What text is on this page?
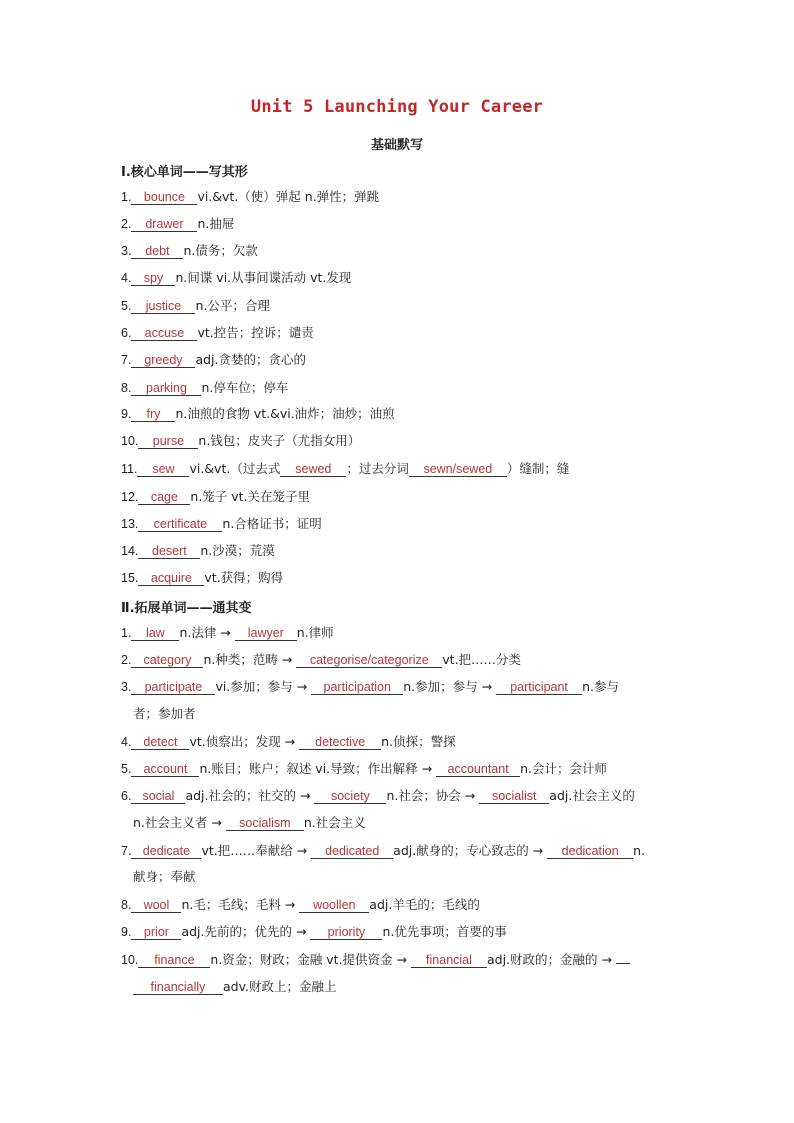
Unit 5 Launching Your Career
基础默写
Ⅰ.核心单词——写其形
1. bounce vi.&vt.（使）弹起 n.弹性；弹跳
2. drawer n.抽屉
3. debt n.债务；欠款
4. spy n.间谍 vi.从事间谍活动 vt.发现
5. justice n.公平；合理
6. accuse vt.控告；控诉；谴责
7. greedy adj.贪婪的；贪心的
8. parking n.停车位；停车
9. fry n.油煎的食物 vt.&vi.油炸；油炒；油煎
10. purse n.钱包；皮夹子（尤指女用）
11. sew vi.&vt.（过去式 sewed ；过去分词 sewn/sewed ）缝制；缝
12. cage n.笼子 vt.关在笼子里
13. certificate n.合格证书；证明
14. desert n.沙漠；荒漠
15. acquire vt.获得；购得
Ⅱ.拓展单词——通其变
1. law n.法律 → lawyer n.律师
2. category n.种类；范畴 → categorise/categorize vt.把……分类
3. participate vi.参加；参与 → participation n.参加；参与 → participant n.参与
者；参加者
4. detect vt.侦察出；发现 → detective n.侦探；警探
5. account n.账目；账户；叙述 vi.导致；作出解释 → accountant n.会计；会计师
6. social adj.社会的；社交的 → society n.社会；协会 → socialist adj.社会主义的
n.社会主义者 → socialism n.社会主义
7. dedicate vt.把……奉献给 → dedicated adj.献身的；专心致志的 → dedication n.
献身；奉献
8. wool n.毛；毛线；毛料 → woollen adj.羊毛的；毛线的
9. prior adj.先前的；优先的 → priority n.优先事项；首要的事
10. finance n.资金；财政；金融 vt.提供资金 → financial adj.财政的；金融的 →
financially adv.财政上；金融上
